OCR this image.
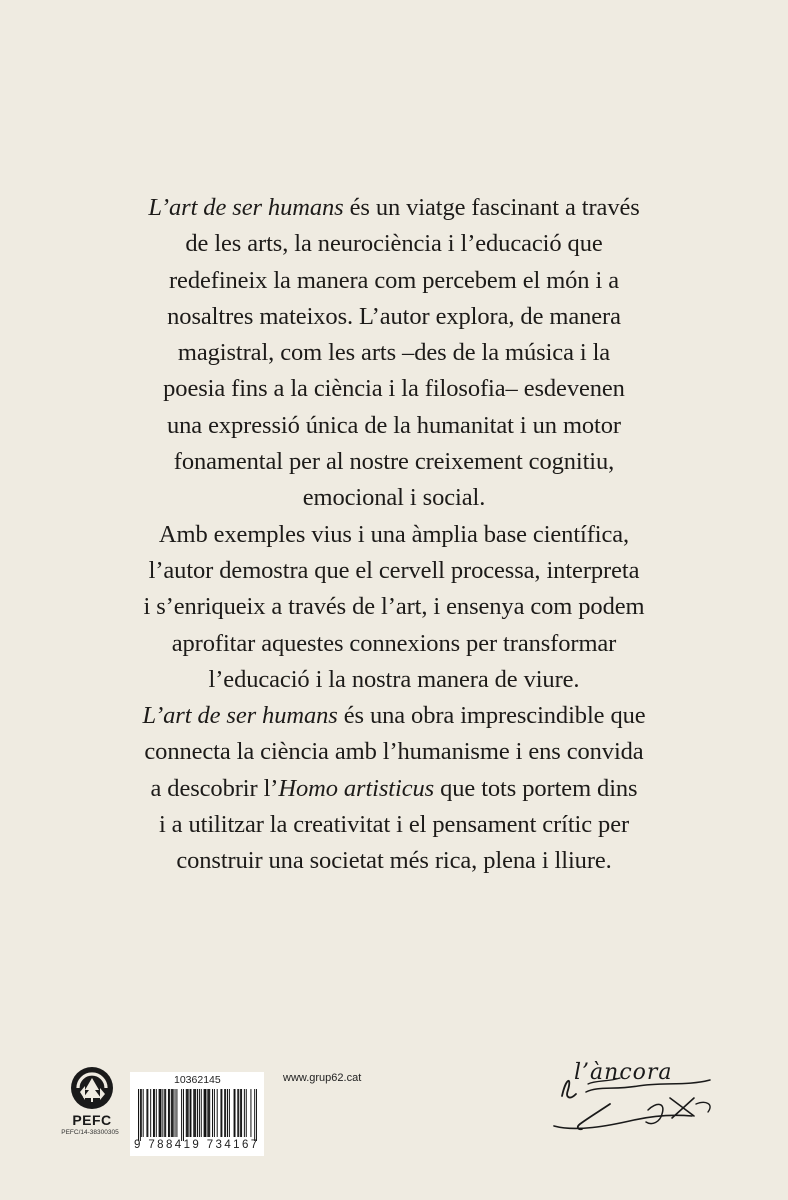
L’art de ser humans és un viatge fascinant a través
de les arts, la neurociència i l’educació que
redefineix la manera com percebem el món i a
nosaltres mateixos. L’autor explora, de manera
magistral, com les arts –des de la música i la
poesia fins a la ciència i la filosofia– esdevenen
una expressió única de la humanitat i un motor
fonamental per al nostre creixement cognitiu,
emocional i social.
Amb exemples vius i una àmplia base científica,
l’autor demostra que el cervell processa, interpreta
i s’enriqueix a través de l’art, i ensenya com podem
aprofitar aquestes connexions per transformar
l’educació i la nostra manera de viure.
L’art de ser humans és una obra imprescindible que
connecta la ciència amb l’humanisme i ens convida
a descobrir l’Homo artisticus que tots portem dins
i a utilitzar la creativitat i el pensament crític per
construir una societat més rica, plena i lliure.
PEFC
PEFC/14-38300305
10362145
9 788419 734167
www.grup62.cat	l’àncora
